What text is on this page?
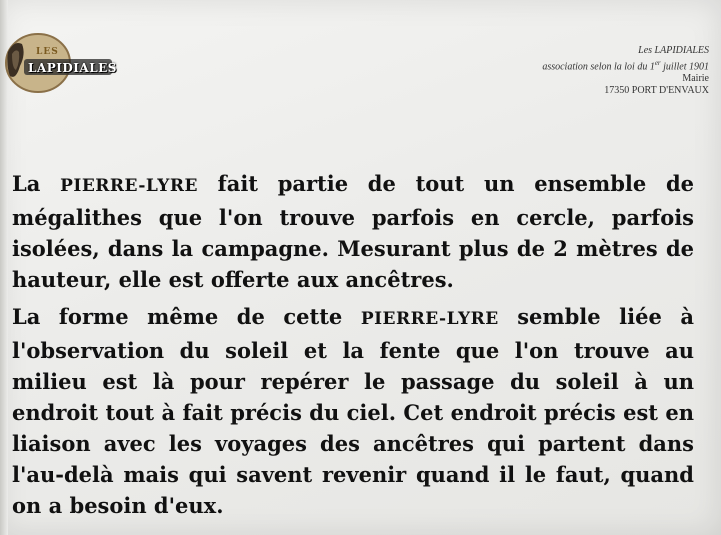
LES
LAPIDIALES
Les LAPIDIALES
association selon la loi du 1er juillet 1901
Mairie
17350 PORT D'ENVAUX
La PIERRE-LYRE fait partie de tout un ensemble de mégalithes que l'on trouve parfois en cercle, parfois isolées, dans la campagne. Mesurant plus de 2 mètres de hauteur, elle est offerte aux ancêtres.
La forme même de cette PIERRE-LYRE semble liée à l'observation du soleil et la fente que l'on trouve au milieu est là pour repérer le passage du soleil à un endroit tout à fait précis du ciel. Cet endroit précis est en liaison avec les voyages des ancêtres qui partent dans l'au-delà mais qui savent revenir quand il le faut, quand on a besoin d'eux.
